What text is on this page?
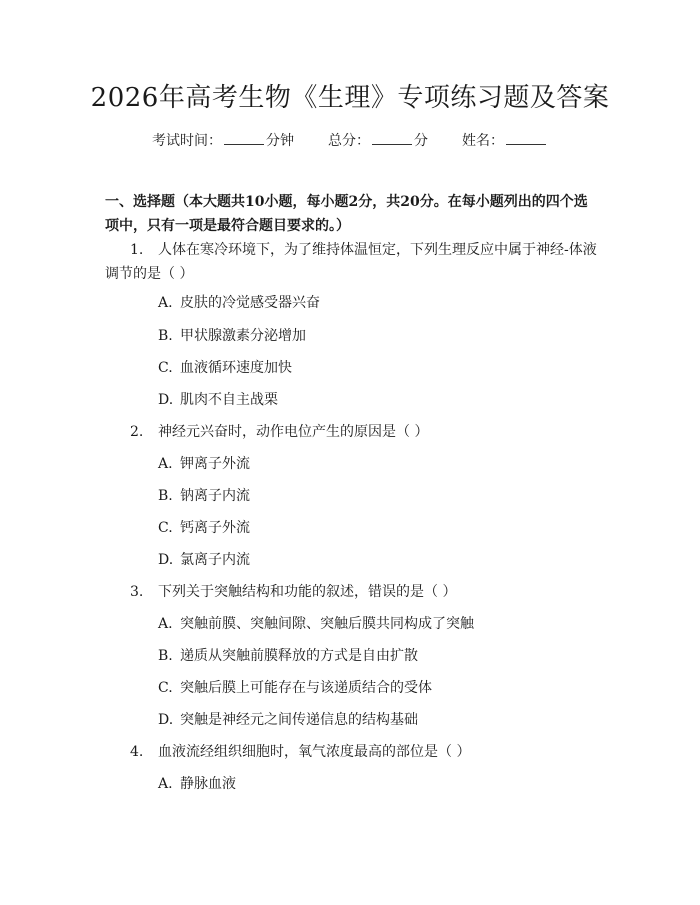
2026年高考生物《生理》专项练习题及答案
考试时间：	分钟 总分：	分 姓名：
一、选择题（本大题共10小题，每小题2分，共20分。在每小题列出的四个选项中，只有一项是最符合题目要求的。）
1. 人体在寒冷环境下，为了维持体温恒定，下列生理反应中属于神经-体液调节的是（ ）
A. 皮肤的冷觉感受器兴奋
B. 甲状腺激素分泌增加
C. 血液循环速度加快
D. 肌肉不自主战栗
2. 神经元兴奋时，动作电位产生的原因是（ ）
A. 钾离子外流
B. 钠离子内流
C. 钙离子外流
D. 氯离子内流
3. 下列关于突触结构和功能的叙述，错误的是（ ）
A. 突触前膜、突触间隙、突触后膜共同构成了突触
B. 递质从突触前膜释放的方式是自由扩散
C. 突触后膜上可能存在与该递质结合的受体
D. 突触是神经元之间传递信息的结构基础
4. 血液流经组织细胞时，氧气浓度最高的部位是（ ）
A. 静脉血液
